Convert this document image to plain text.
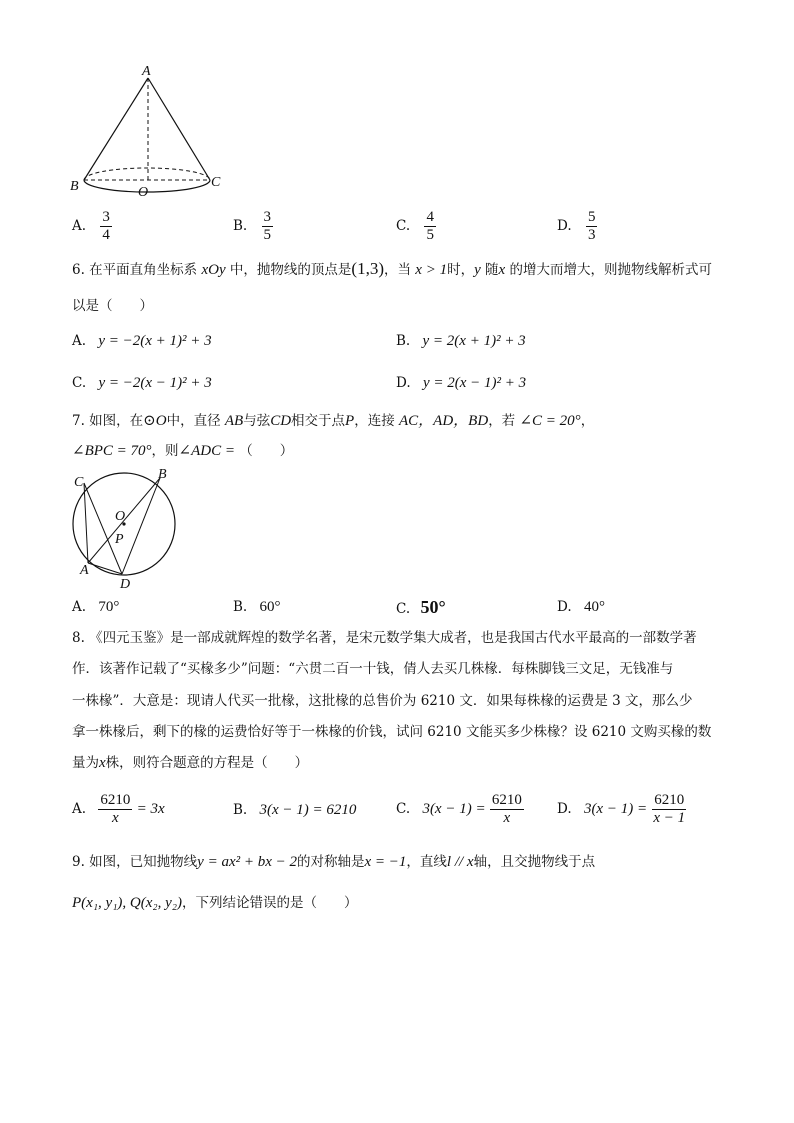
A
B	C
O
A. $\frac{3}{4}$	B. $\frac{3}{5}$	C. $\frac{4}{5}$	D. $\frac{5}{3}$
6. 在平面直角坐标系 xOy 中，抛物线的顶点是(1,3)，当 x > 1时，y 随x 的增大而增大，则抛物线解析式可
以是（　　）
A. y = −2(x + 1)² + 3	B. y = 2(x + 1)² + 3
C. y = −2(x − 1)² + 3	D. y = 2(x − 1)² + 3
7. 如图，在⊙O中，直径 AB与弦CD相交于点P，连接 AC，AD，BD，若 ∠C = 20°，
∠BPC = 70°，则∠ADC = （　　）
C
B
O
P
A
D
A. 70°	B. 60°	C. 50°	D. 40°
8. 《四元玉鉴》是一部成就辉煌的数学名著，是宋元数学集大成者，也是我国古代水平最高的一部数学著
作．该著作记载了“买椽多少”问题：“六贯二百一十钱，倩人去买几株椽．每株脚钱三文足，无钱准与
一株椽”．大意是：现请人代买一批椽，这批椽的总售价为 6210 文．如果每株椽的运费是 3 文，那么少
拿一株椽后，剩下的椽的运费恰好等于一株椽的价钱，试问 6210 文能买多少株椽？设 6210 文购买椽的数
量为x株，则符合题意的方程是（　　）
A. $\frac{6210}{x} = 3x$	B. 3(x − 1) = 6210	C. $3(x - 1) = \frac{6210}{x} D$. $3(x - 1) = \frac{6210}{x - 1}$
9. 如图，已知抛物线y = ax² + bx − 2的对称轴是x = −1，直线l // x轴，且交抛物线于点
P(x₁, y₁), Q(x₂, y₂)，下列结论错误的是（　　）
